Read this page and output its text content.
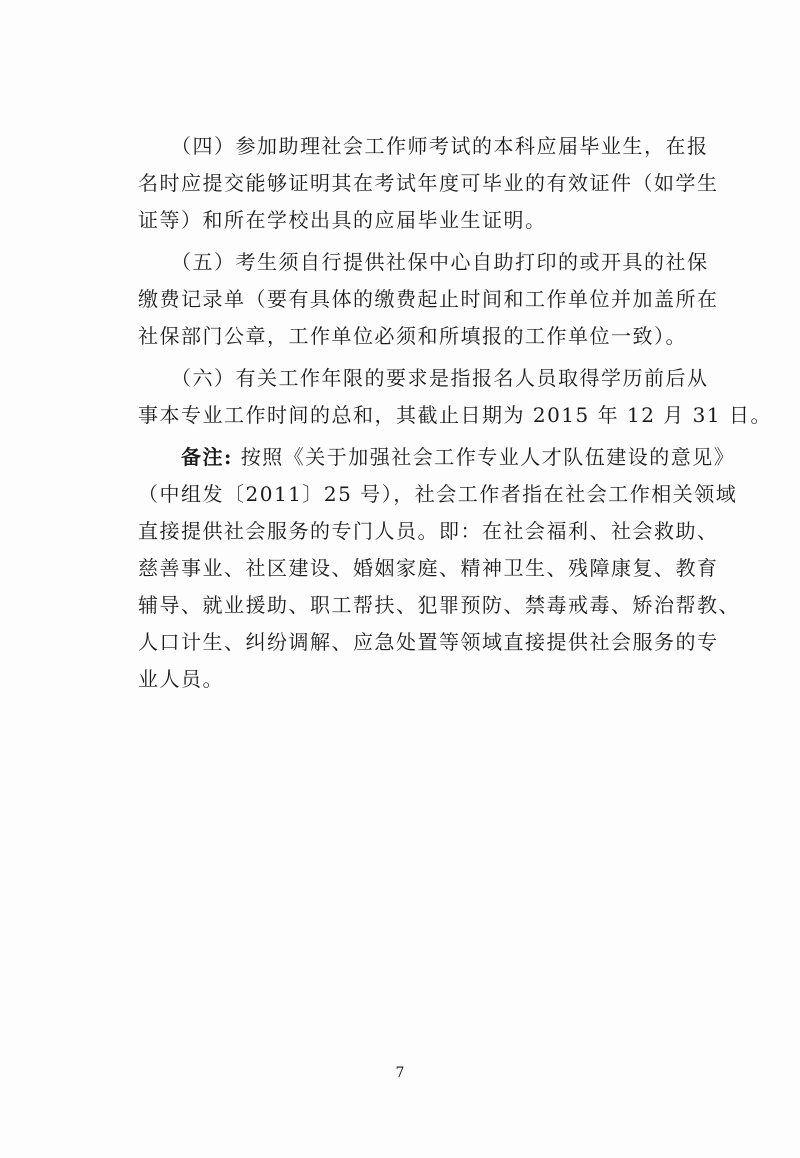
　　（四）参加助理社会工作师考试的本科应届毕业生，在报
名时应提交能够证明其在考试年度可毕业的有效证件（如学生
证等）和所在学校出具的应届毕业生证明。
　　（五）考生须自行提供社保中心自助打印的或开具的社保
缴费记录单（要有具体的缴费起止时间和工作单位并加盖所在
社保部门公章，工作单位必须和所填报的工作单位一致）。
　　（六）有关工作年限的要求是指报名人员取得学历前后从
事本专业工作时间的总和，其截止日期为 2015 年 12 月 31 日。
　　备注: 按照《关于加强社会工作专业人才队伍建设的意见》
（中组发〔2011〕25 号），社会工作者指在社会工作相关领域
直接提供社会服务的专门人员。即：在社会福利、社会救助、
慈善事业、社区建设、婚姻家庭、精神卫生、残障康复、教育
辅导、就业援助、职工帮扶、犯罪预防、禁毒戒毒、矫治帮教、
人口计生、纠纷调解、应急处置等领域直接提供社会服务的专
业人员。
7
